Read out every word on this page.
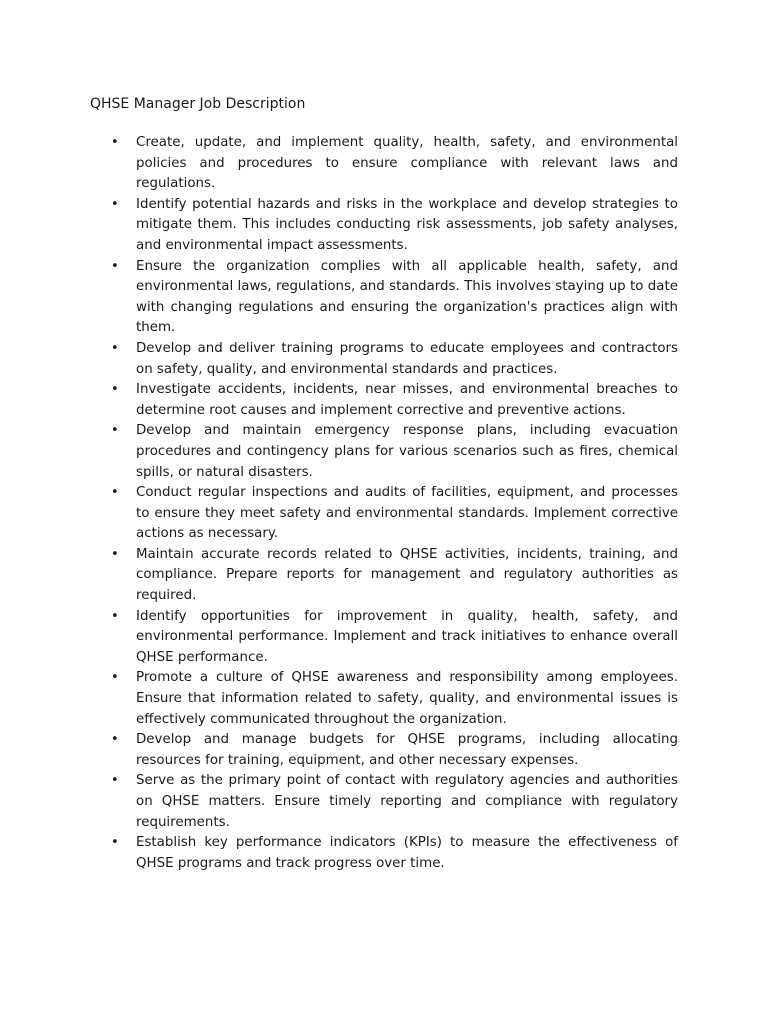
QHSE Manager Job Description
• Create, update, and implement quality, health, safety, and environmental policies and procedures to ensure compliance with relevant laws and regulations.
• Identify potential hazards and risks in the workplace and develop strategies to mitigate them. This includes conducting risk assessments, job safety analyses, and environmental impact assessments.
• Ensure the organization complies with all applicable health, safety, and environmental laws, regulations, and standards. This involves staying up to date with changing regulations and ensuring the organization's practices align with them.
• Develop and deliver training programs to educate employees and contractors on safety, quality, and environmental standards and practices.
• Investigate accidents, incidents, near misses, and environmental breaches to determine root causes and implement corrective and preventive actions.
• Develop and maintain emergency response plans, including evacuation procedures and contingency plans for various scenarios such as fires, chemical spills, or natural disasters.
• Conduct regular inspections and audits of facilities, equipment, and processes to ensure they meet safety and environmental standards. Implement corrective actions as necessary.
• Maintain accurate records related to QHSE activities, incidents, training, and compliance. Prepare reports for management and regulatory authorities as required.
• Identify opportunities for improvement in quality, health, safety, and environmental performance. Implement and track initiatives to enhance overall QHSE performance.
• Promote a culture of QHSE awareness and responsibility among employees. Ensure that information related to safety, quality, and environmental issues is effectively communicated throughout the organization.
• Develop and manage budgets for QHSE programs, including allocating resources for training, equipment, and other necessary expenses.
• Serve as the primary point of contact with regulatory agencies and authorities on QHSE matters. Ensure timely reporting and compliance with regulatory requirements.
• Establish key performance indicators (KPIs) to measure the effectiveness of QHSE programs and track progress over time.
